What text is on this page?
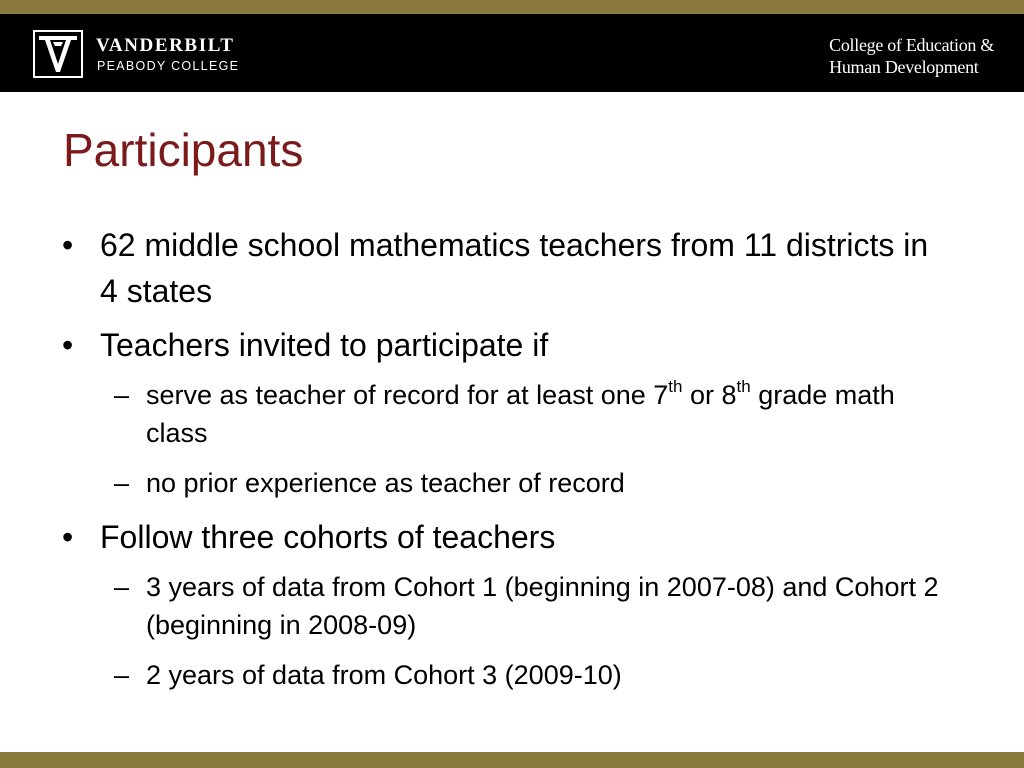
VANDERBILT
PEABODY COLLEGE
College of Education &
Human Development
Participants
• 62 middle school mathematics teachers from 11 districts in 4 states
• Teachers invited to participate if
– serve as teacher of record for at least one 7th or 8th grade math class
– no prior experience as teacher of record
• Follow three cohorts of teachers
– 3 years of data from Cohort 1 (beginning in 2007-08) and Cohort 2 (beginning in 2008-09)
– 2 years of data from Cohort 3 (2009-10)
